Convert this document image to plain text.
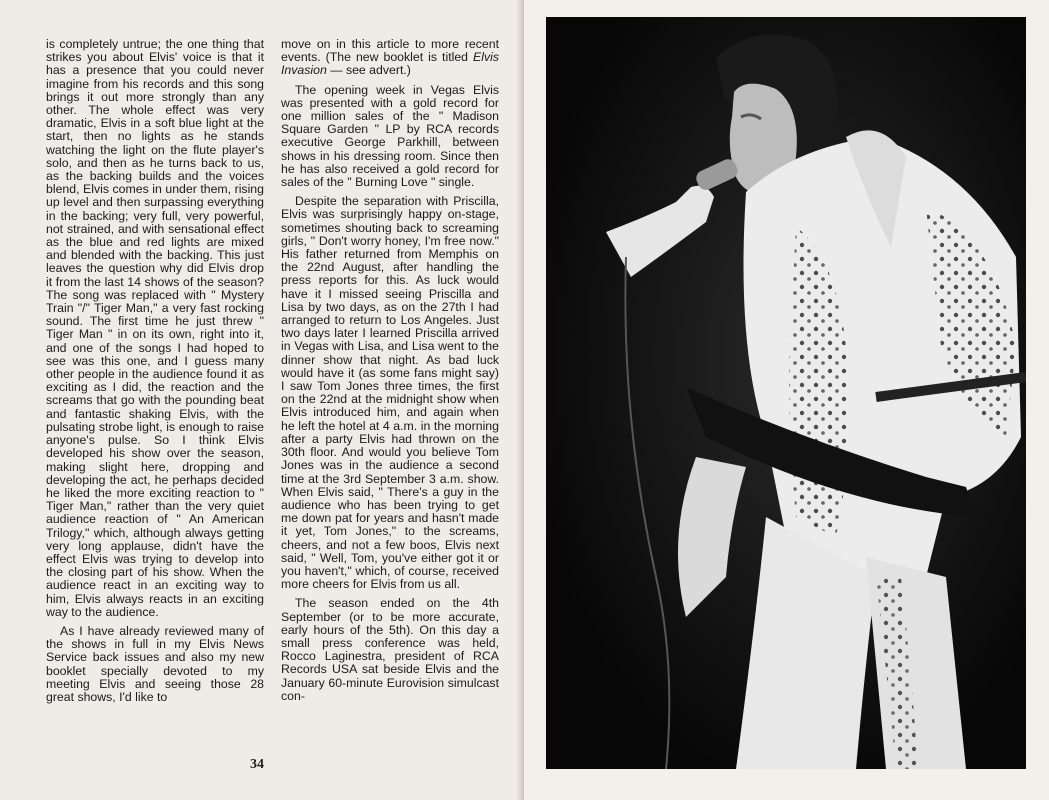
is completely untrue; the one thing that strikes you about Elvis' voice is that it has a presence that you could never imagine from his records and this song brings it out more strongly than any other. The whole effect was very dramatic, Elvis in a soft blue light at the start, then no lights as he stands watching the light on the flute player's solo, and then as he turns back to us, as the backing builds and the voices blend, Elvis comes in under them, rising up level and then surpassing everything in the backing; very full, very powerful, not strained, and with sensational effect as the blue and red lights are mixed and blended with the backing. This just leaves the question why did Elvis drop it from the last 14 shows of the season? The song was replaced with " Mystery Train "/" Tiger Man," a very fast rocking sound. The first time he just threw " Tiger Man " in on its own, right into it, and one of the songs I had hoped to see was this one, and I guess many other people in the audience found it as exciting as I did, the reaction and the screams that go with the pounding beat and fantastic shaking Elvis, with the pulsating strobe light, is enough to raise anyone's pulse. So I think Elvis developed his show over the season, making slight here, dropping and developing the act, he perhaps decided he liked the more exciting reaction to " Tiger Man," rather than the very quiet audience reaction of " An American Trilogy," which, although always getting very long applause, didn't have the effect Elvis was trying to develop into the closing part of his show. When the audience react in an exciting way to him, Elvis always reacts in an exciting way to the audience.

As I have already reviewed many of the shows in full in my Elvis News Service back issues and also my new booklet specially devoted to my meeting Elvis and seeing those 28 great shows, I'd like to

move on in this article to more recent events. (The new booklet is titled Elvis Invasion — see advert.)

The opening week in Vegas Elvis was presented with a gold record for one million sales of the " Madison Square Garden " LP by RCA records executive George Parkhill, between shows in his dressing room. Since then he has also received a gold record for sales of the " Burning Love " single.

Despite the separation with Priscilla, Elvis was surprisingly happy on-stage, sometimes shouting back to screaming girls, " Don't worry honey, I'm free now." His father returned from Memphis on the 22nd August, after handling the press reports for this. As luck would have it I missed seeing Priscilla and Lisa by two days, as on the 27th I had arranged to return to Los Angeles. Just two days later I learned Priscilla arrived in Vegas with Lisa, and Lisa went to the dinner show that night. As bad luck would have it (as some fans might say) I saw Tom Jones three times, the first on the 22nd at the midnight show when Elvis introduced him, and again when he left the hotel at 4 a.m. in the morning after a party Elvis had thrown on the 30th floor. And would you believe Tom Jones was in the audience a second time at the 3rd September 3 a.m. show. When Elvis said, " There's a guy in the audience who has been trying to get me down pat for years and hasn't made it yet, Tom Jones," to the screams, cheers, and not a few boos, Elvis next said, " Well, Tom, you've either got it or you haven't," which, of course, received more cheers for Elvis from us all.

The season ended on the 4th September (or to be more accurate, early hours of the 5th). On this day a small press conference was held, Rocco Laginestra, president of RCA Records USA sat beside Elvis and the January 60-minute Eurovision simulcast con-

34
